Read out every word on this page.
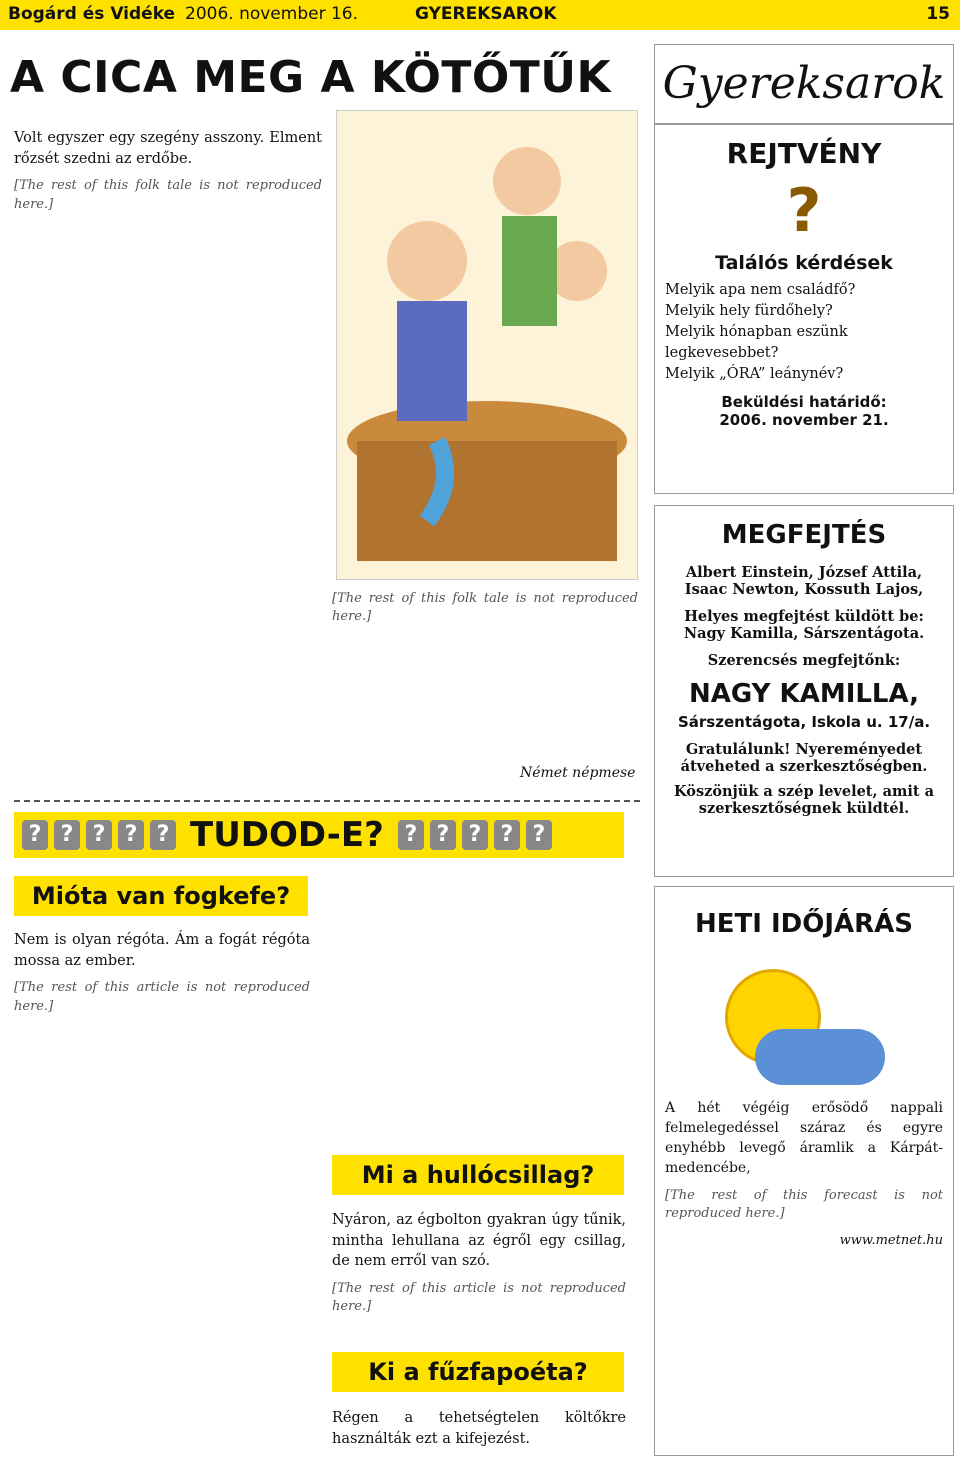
Bogárd és Vidéke 2006. november 16.	GYEREKSAROK	15
A CICA MEG A KÖTŐTŰK

Volt egyszer egy szegény asszony. Elment rőzsét szedni az erdőbe.

[The rest of this folk tale is not reproduced here.]

[The rest of this folk tale is not reproduced here.]

Német népmese
? ? ? ? ? TUDOD-E? ? ? ? ? ?
Mióta van fogkefe?

Nem is olyan régóta. Ám a fogát régóta mossa az ember.

[The rest of this article is not reproduced here.]

Mi a hullócsillag?

Nyáron, az égbolton gyakran úgy tűnik, mintha lehullana az égről egy csillag, de nem erről van szó.

[The rest of this article is not reproduced here.]

Ki a fűzfapoéta?

Régen a tehetségtelen költőkre használták ezt a kifejezést.

Gyereksarok
REJTVÉNY
?
Találós kérdések
Melyik apa nem családfő?
Melyik hely fürdőhely?
Melyik hónapban eszünk legkevesebbet?
Melyik „ÓRA” leánynév?
Beküldési határidő:
2006. november 21.
MEGFEJTÉS
Albert Einstein, József Attila, Isaac Newton, Kossuth Lajos,
Helyes megfejtést küldött be:
Nagy Kamilla, Sárszentágota.
Szerencsés megfejtőnk:
NAGY KAMILLA,
Sárszentágota, Iskola u. 17/a.
Gratulálunk! Nyereményedet átveheted a szerkesztőségben.
Köszönjük a szép levelet, amit a szerkesztőségnek küldtél.
HETI IDŐJÁRÁS

A hét végéig erősödő nappali felmelegedéssel száraz és egyre enyhébb levegő áramlik a Kárpát-medencébe,

[The rest of this forecast is not reproduced here.]

www.metnet.hu
